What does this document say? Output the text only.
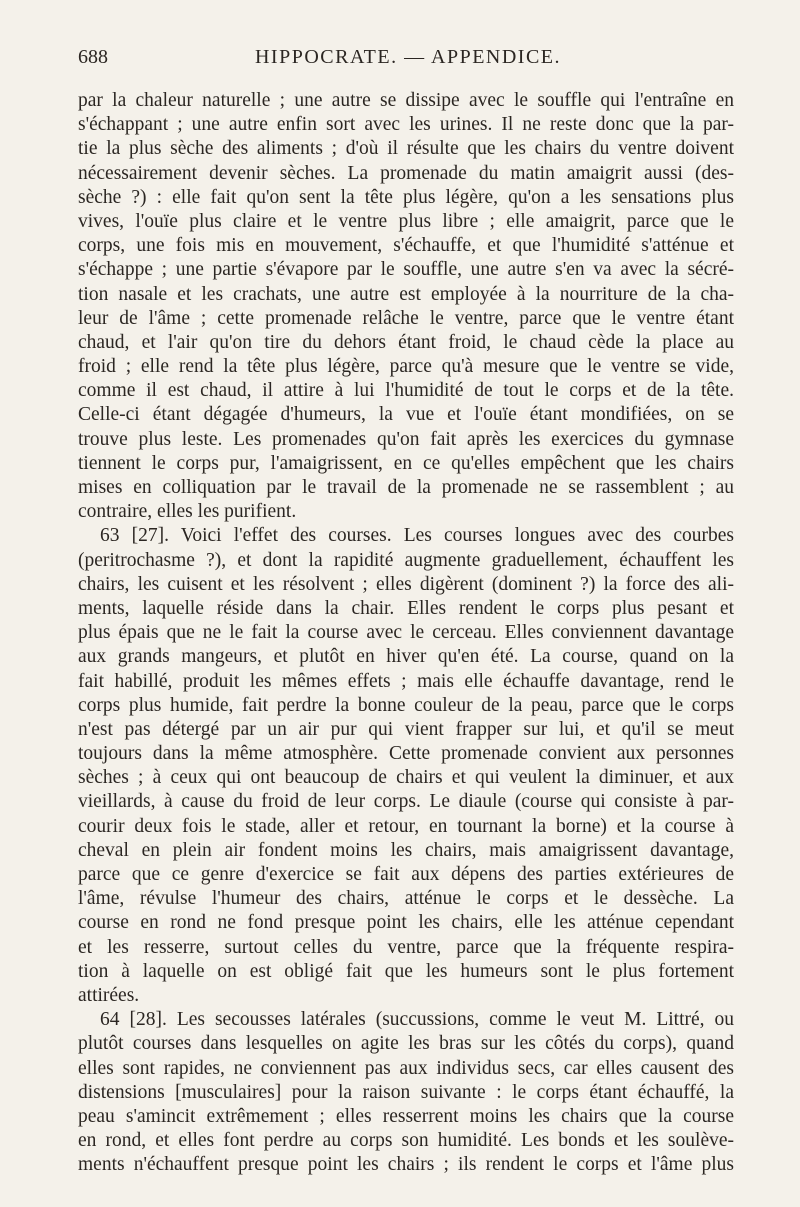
688	HIPPOCRATE. — APPENDICE.
par la chaleur naturelle ; une autre se dissipe avec le souffle qui l'entraîne en
s'échappant ; une autre enfin sort avec les urines. Il ne reste donc que la par-
tie la plus sèche des aliments ; d'où il résulte que les chairs du ventre doivent
nécessairement devenir sèches. La promenade du matin amaigrit aussi (des-
sèche ?) : elle fait qu'on sent la tête plus légère, qu'on a les sensations plus
vives, l'ouïe plus claire et le ventre plus libre ; elle amaigrit, parce que le
corps, une fois mis en mouvement, s'échauffe, et que l'humidité s'atténue et
s'échappe ; une partie s'évapore par le souffle, une autre s'en va avec la sécré-
tion nasale et les crachats, une autre est employée à la nourriture de la cha-
leur de l'âme ; cette promenade relâche le ventre, parce que le ventre étant
chaud, et l'air qu'on tire du dehors étant froid, le chaud cède la place au
froid ; elle rend la tête plus légère, parce qu'à mesure que le ventre se vide,
comme il est chaud, il attire à lui l'humidité de tout le corps et de la tête.
Celle-ci étant dégagée d'humeurs, la vue et l'ouïe étant mondifiées, on se
trouve plus leste. Les promenades qu'on fait après les exercices du gymnase
tiennent le corps pur, l'amaigrissent, en ce qu'elles empêchent que les chairs
mises en colliquation par le travail de la promenade ne se rassemblent ; au
contraire, elles les purifient.
63 [27]. Voici l'effet des courses. Les courses longues avec des courbes
(peritrochasme ?), et dont la rapidité augmente graduellement, échauffent les
chairs, les cuisent et les résolvent ; elles digèrent (dominent ?) la force des ali-
ments, laquelle réside dans la chair. Elles rendent le corps plus pesant et
plus épais que ne le fait la course avec le cerceau. Elles conviennent davantage
aux grands mangeurs, et plutôt en hiver qu'en été. La course, quand on la
fait habillé, produit les mêmes effets ; mais elle échauffe davantage, rend le
corps plus humide, fait perdre la bonne couleur de la peau, parce que le corps
n'est pas détergé par un air pur qui vient frapper sur lui, et qu'il se meut
toujours dans la même atmosphère. Cette promenade convient aux personnes
sèches ; à ceux qui ont beaucoup de chairs et qui veulent la diminuer, et aux
vieillards, à cause du froid de leur corps. Le diaule (course qui consiste à par-
courir deux fois le stade, aller et retour, en tournant la borne) et la course à
cheval en plein air fondent moins les chairs, mais amaigrissent davantage,
parce que ce genre d'exercice se fait aux dépens des parties extérieures de
l'âme, révulse l'humeur des chairs, atténue le corps et le dessèche. La
course en rond ne fond presque point les chairs, elle les atténue cependant
et les resserre, surtout celles du ventre, parce que la fréquente respira-
tion à laquelle on est obligé fait que les humeurs sont le plus fortement
attirées.
64 [28]. Les secousses latérales (succussions, comme le veut M. Littré, ou
plutôt courses dans lesquelles on agite les bras sur les côtés du corps), quand
elles sont rapides, ne conviennent pas aux individus secs, car elles causent des
distensions [musculaires] pour la raison suivante : le corps étant échauffé, la
peau s'amincit extrêmement ; elles resserrent moins les chairs que la course
en rond, et elles font perdre au corps son humidité. Les bonds et les soulève-
ments n'échauffent presque point les chairs ; ils rendent le corps et l'âme plus
